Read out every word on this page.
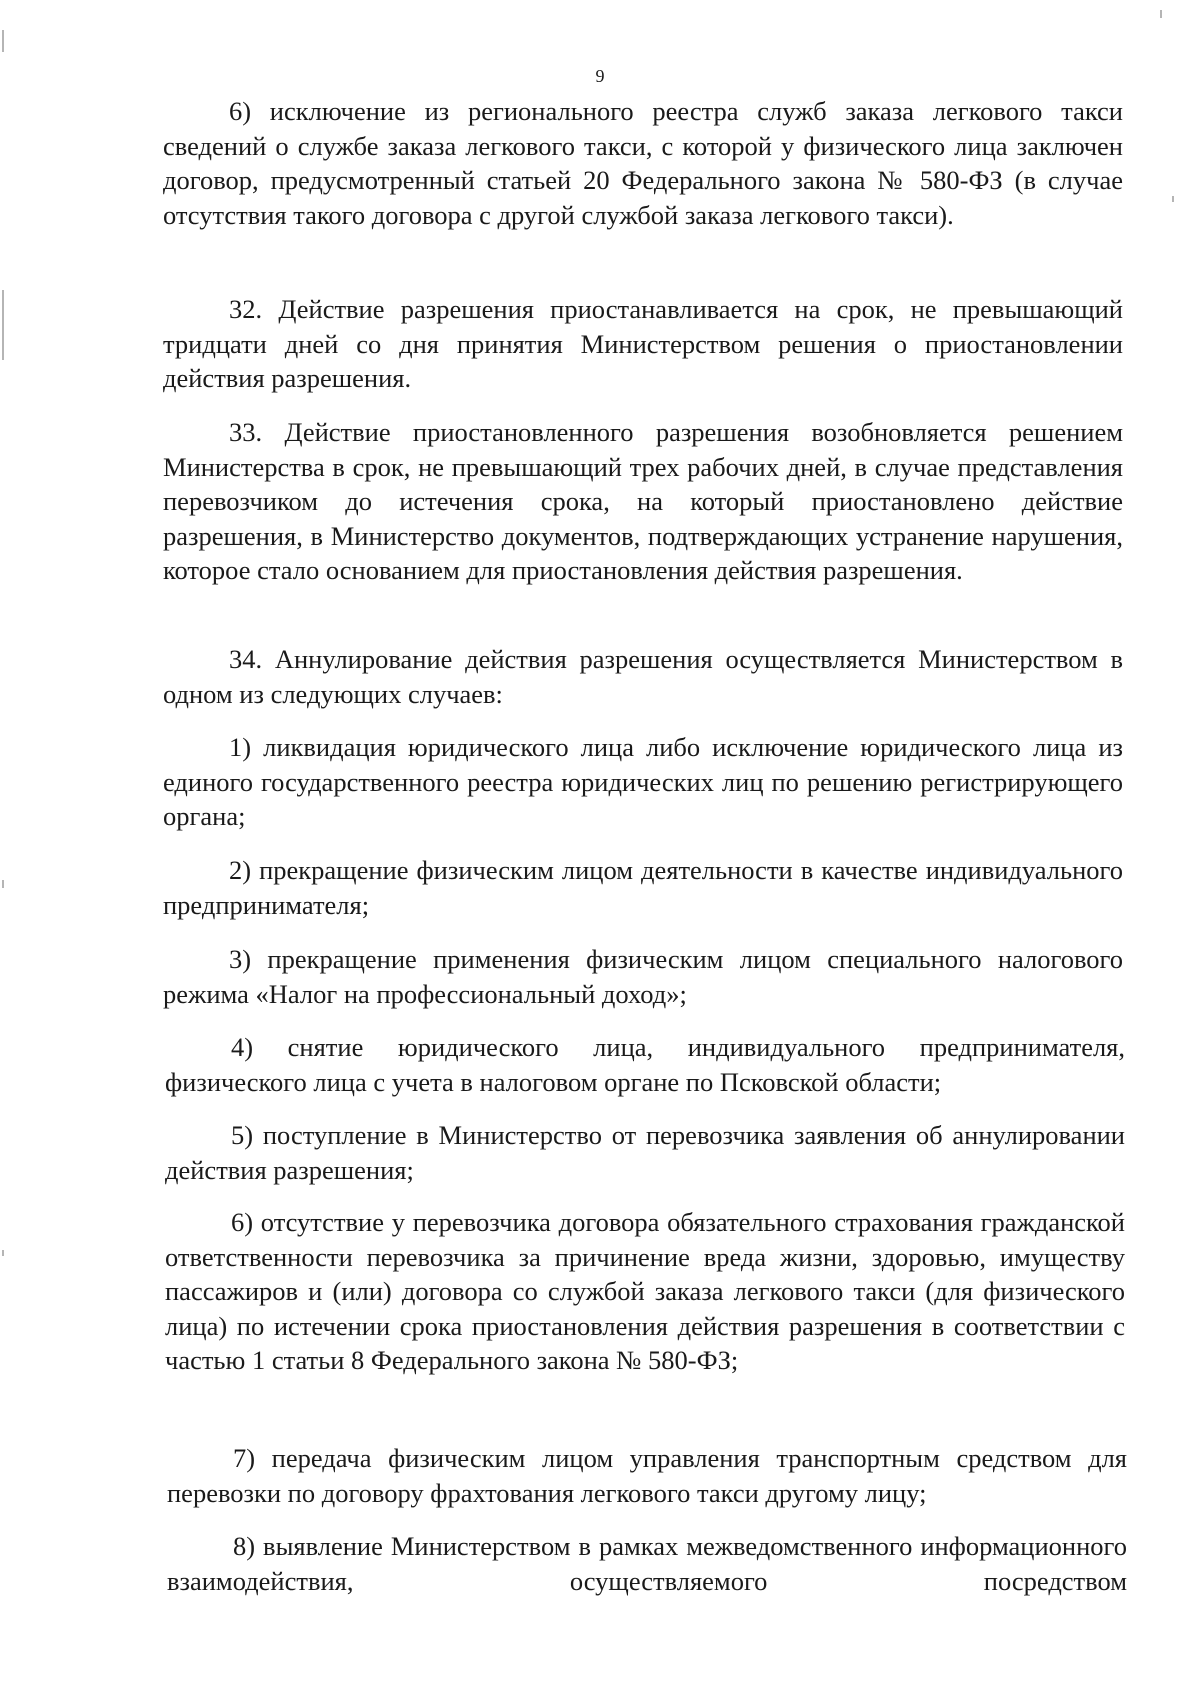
9

6) исключение из регионального реестра служб заказа легкового такси сведений о службе заказа легкового такси, с которой у физического лица заключен договор, предусмотренный статьей 20 Федерального закона № 580-ФЗ (в случае отсутствия такого договора с другой службой заказа легкового такси).

32. Действие разрешения приостанавливается на срок, не превышающий тридцати дней со дня принятия Министерством решения о приостановлении действия разрешения.

33. Действие приостановленного разрешения возобновляется решением Министерства в срок, не превышающий трех рабочих дней, в случае представления перевозчиком до истечения срока, на который приостановлено действие разрешения, в Министерство документов, подтверждающих устранение нарушения, которое стало основанием для приостановления действия разрешения.

34. Аннулирование действия разрешения осуществляется Министерством в одном из следующих случаев:

1) ликвидация юридического лица либо исключение юридического лица из единого государственного реестра юридических лиц по решению регистрирующего органа;

2) прекращение физическим лицом деятельности в качестве индивидуального предпринимателя;

3) прекращение применения физическим лицом специального налогового режима «Налог на профессиональный доход»;

4) снятие юридического лица, индивидуального предпринимателя, физического лица с учета в налоговом органе по Псковской области;

5) поступление в Министерство от перевозчика заявления об аннулировании действия разрешения;

6) отсутствие у перевозчика договора обязательного страхования гражданской ответственности перевозчика за причинение вреда жизни, здоровью, имуществу пассажиров и (или) договора со службой заказа легкового такси (для физического лица) по истечении срока приостановления действия разрешения в соответствии с частью 1 статьи 8 Федерального закона № 580-ФЗ;

7) передача физическим лицом управления транспортным средством для перевозки по договору фрахтования легкового такси другому лицу;

8) выявление Министерством в рамках межведомственного информационного взаимодействия, осуществляемого посредством
